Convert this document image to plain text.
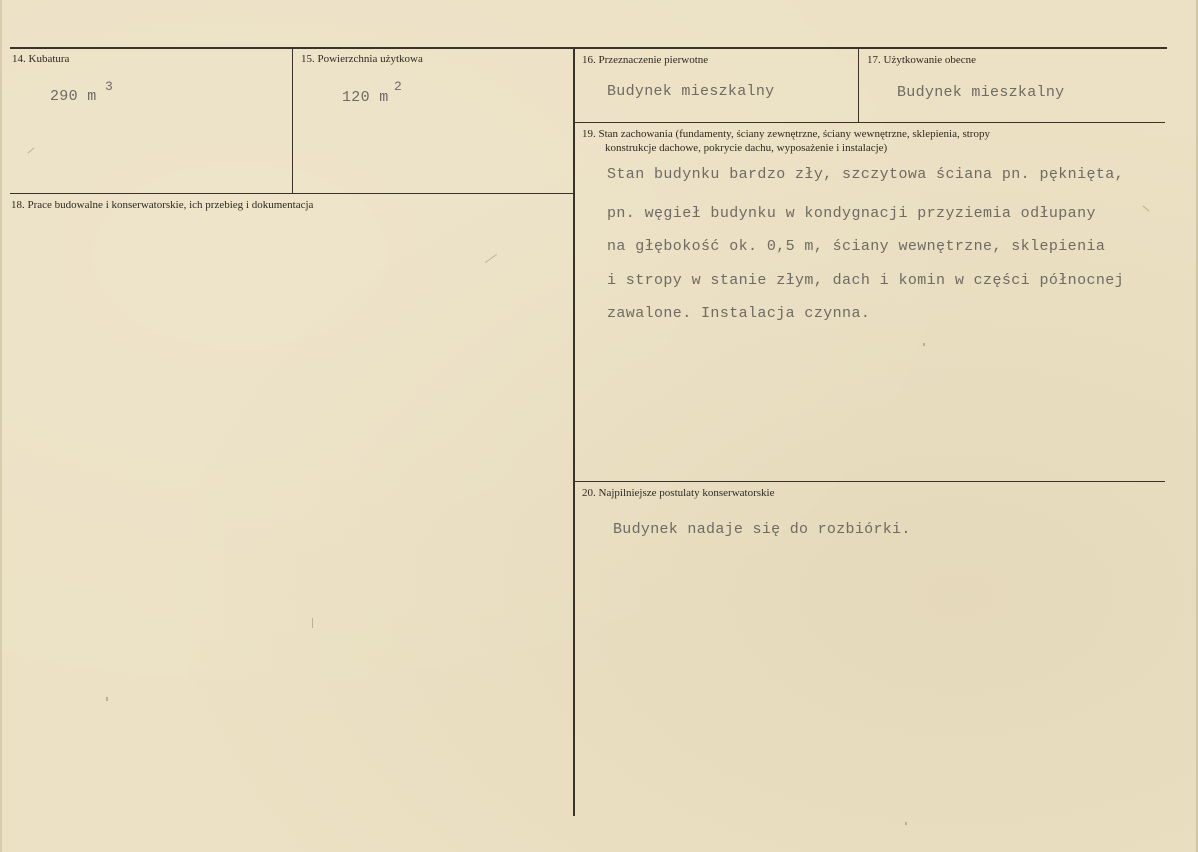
14. Kubatura
290 m
3
15. Powierzchnia użytkowa
120 m
2
16. Przeznaczenie pierwotne
Budynek mieszkalny
17. Użytkowanie obecne
Budynek mieszkalny
18. Prace budowalne i konserwatorskie, ich przebieg i dokumentacja
19. Stan zachowania (fundamenty, ściany zewnętrzne, ściany wewnętrzne, sklepienia, stropy
konstrukcje dachowe, pokrycie dachu, wyposażenie i instalacje)
Stan budynku bardzo zły, szczytowa ściana pn. pęknięta,
pn. węgieł budynku w kondygnacji przyziemia odłupany
na głębokość ok. 0,5 m, ściany wewnętrzne, sklepienia
i stropy w stanie złym, dach i komin w części północnej
zawalone. Instalacja czynna.
20. Najpilniejsze postulaty konserwatorskie
Budynek nadaje się do rozbiórki.
